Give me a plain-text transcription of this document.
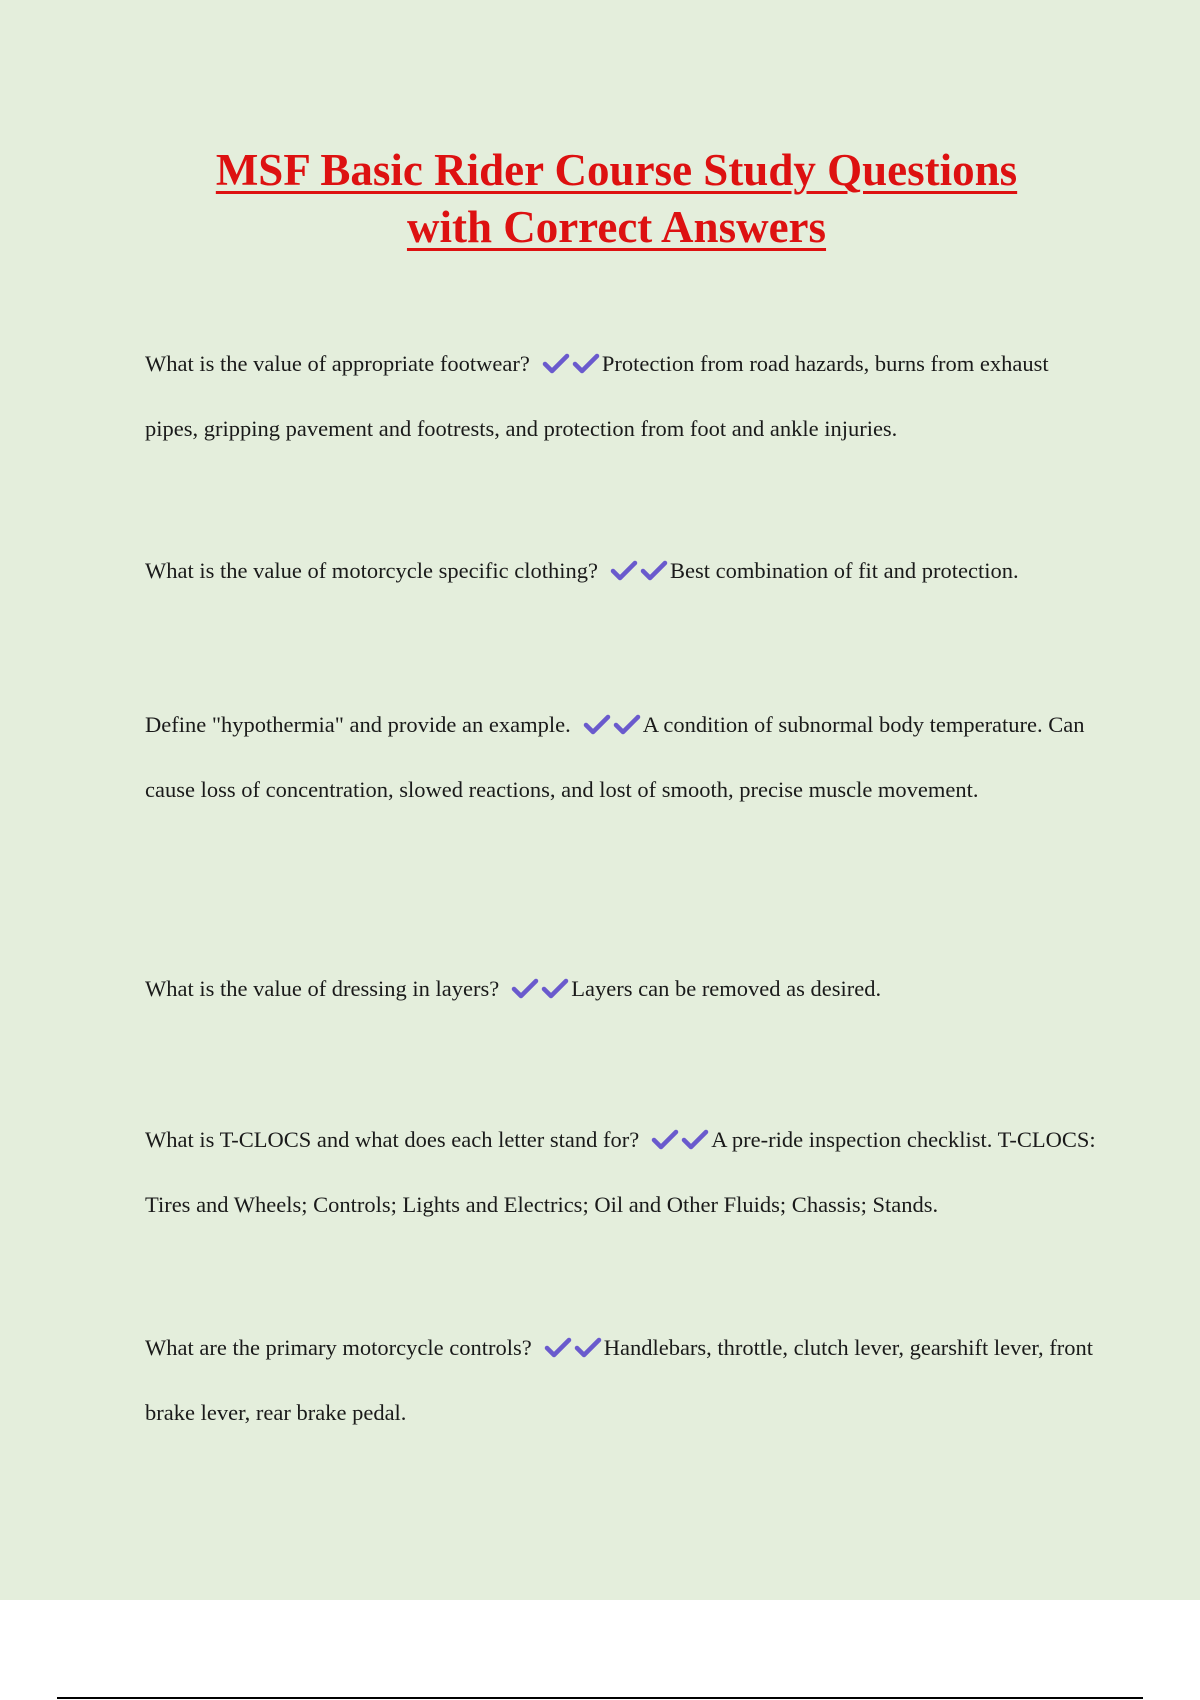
MSF Basic Rider Course Study Questions
with Correct Answers

What is the value of appropriate footwear?	Protection from road hazards, burns from exhaust pipes, gripping pavement and footrests, and protection from foot and ankle injuries.

What is the value of motorcycle specific clothing?	Best combination of fit and protection.

Define "hypothermia" and provide an example.	A condition of subnormal body temperature. Can cause loss of concentration, slowed reactions, and lost of smooth, precise muscle movement.

What is the value of dressing in layers?	Layers can be removed as desired.

What is T-CLOCS and what does each letter stand for?	A pre-ride inspection checklist. T-CLOCS: Tires and Wheels; Controls; Lights and Electrics; Oil and Other Fluids; Chassis; Stands.

What are the primary motorcycle controls?	Handlebars, throttle, clutch lever, gearshift lever, front brake lever, rear brake pedal.
